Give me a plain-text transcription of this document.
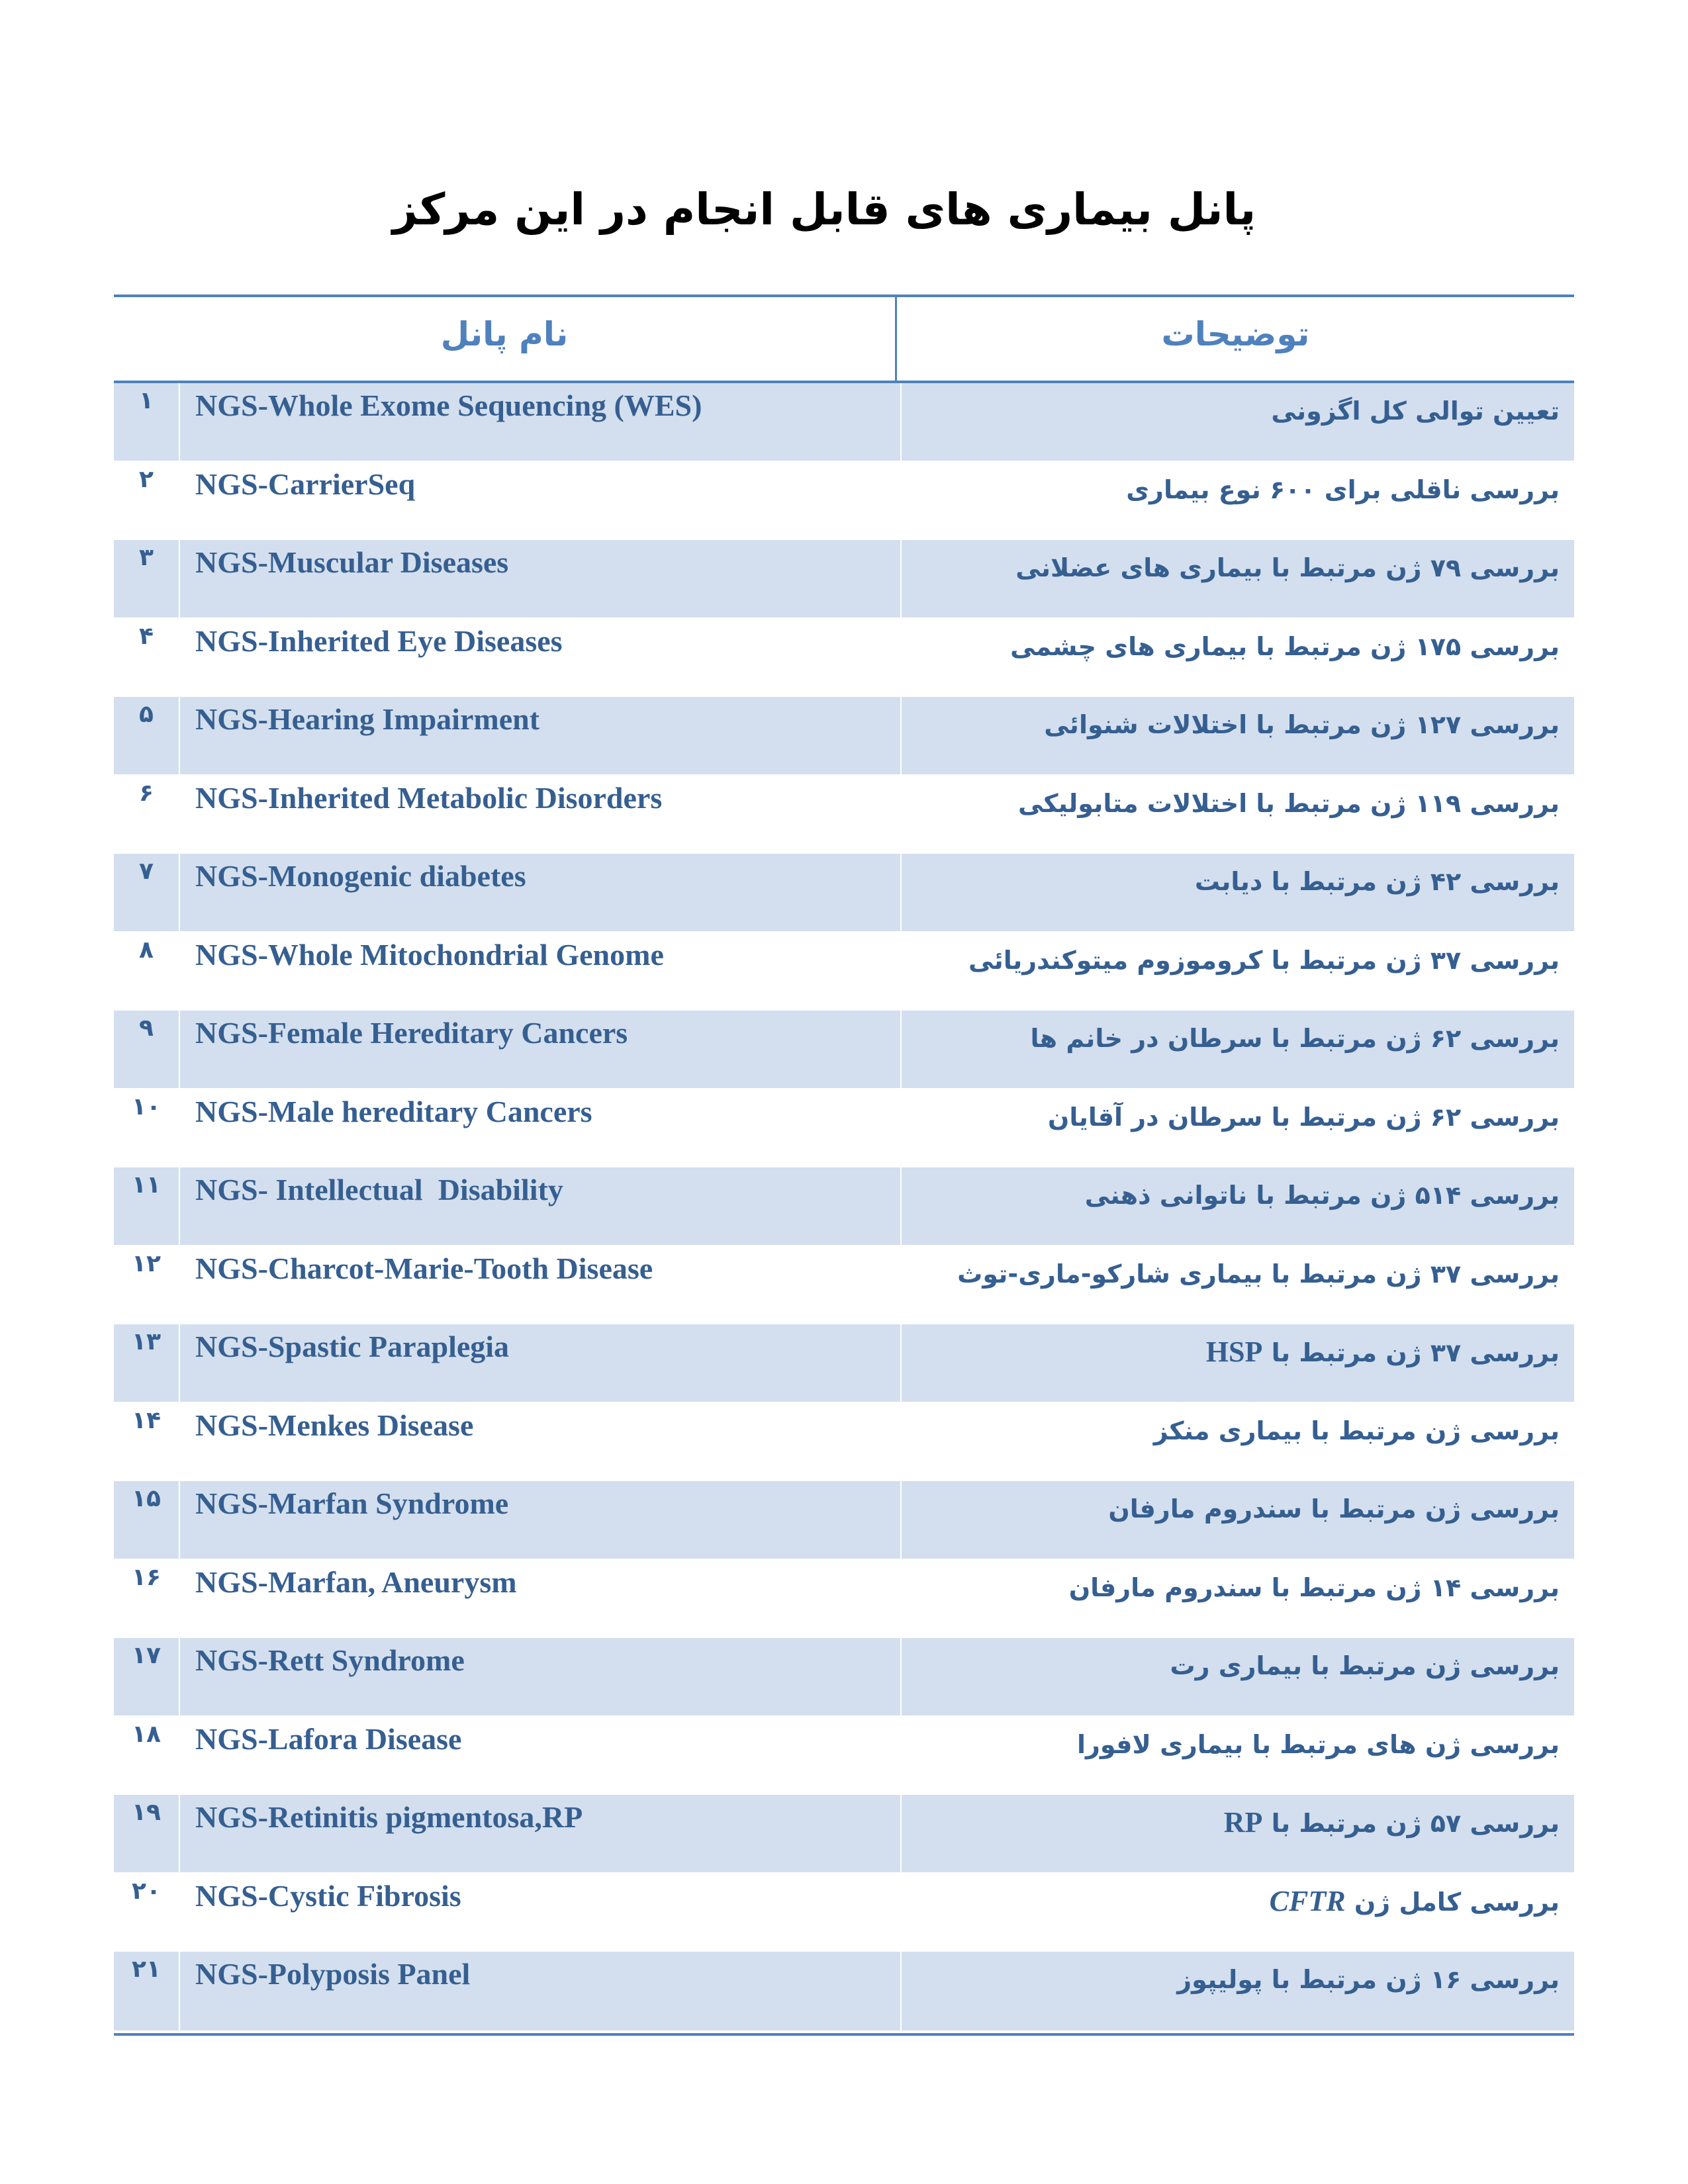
پانل بیماری های قابل انجام در این مرکز
نام پانل	توضیحات
۱	NGS-Whole Exome Sequencing (WES)	تعیین توالی کل اگزونی
۲	NGS-CarrierSeq	بررسی ناقلی برای ۶۰۰ نوع بیماری
۳	NGS-Muscular Diseases	بررسی ۷۹ ژن مرتبط با بیماری های عضلانی
۴	NGS-Inherited Eye Diseases	بررسی ۱۷۵ ژن مرتبط با بیماری های چشمی
۵	NGS-Hearing Impairment	بررسی ۱۲۷ ژن مرتبط با اختلالات شنوائی
۶	NGS-Inherited Metabolic Disorders	بررسی ۱۱۹ ژن مرتبط با اختلالات متابولیکی
۷	NGS-Monogenic diabetes	بررسی ۴۲ ژن مرتبط با دیابت
۸	NGS-Whole Mitochondrial Genome	بررسی ۳۷ ژن مرتبط با کروموزوم میتوکندریائی
۹	NGS-Female Hereditary Cancers	بررسی ۶۲ ژن مرتبط با سرطان در خانم ها
۱۰	NGS-Male hereditary Cancers	بررسی ۶۲ ژن مرتبط با سرطان در آقایان
۱۱	NGS- Intellectual  Disability	بررسی ۵۱۴ ژن مرتبط با ناتوانی ذهنی
۱۲	NGS-Charcot-Marie-Tooth Disease	بررسی ۳۷ ژن مرتبط با بیماری شارکو-ماری-توث
۱۳	NGS-Spastic Paraplegia	بررسی ۳۷ ژن مرتبط با HSP
۱۴	NGS-Menkes Disease	بررسی ژن مرتبط با بیماری منکز
۱۵	NGS-Marfan Syndrome	بررسی ژن مرتبط با سندروم مارفان
۱۶	NGS-Marfan, Aneurysm	بررسی ۱۴ ژن مرتبط با سندروم مارفان
۱۷	NGS-Rett Syndrome	بررسی ژن مرتبط با بیماری رت
۱۸	NGS-Lafora Disease	بررسی ژن های مرتبط با بیماری لافورا
۱۹	NGS-Retinitis pigmentosa,RP	بررسی ۵۷ ژن مرتبط با RP
۲۰	NGS-Cystic Fibrosis	بررسی کامل ژن CFTR
۲۱	NGS-Polyposis Panel	بررسی ۱۶ ژن مرتبط با پولیپوز
